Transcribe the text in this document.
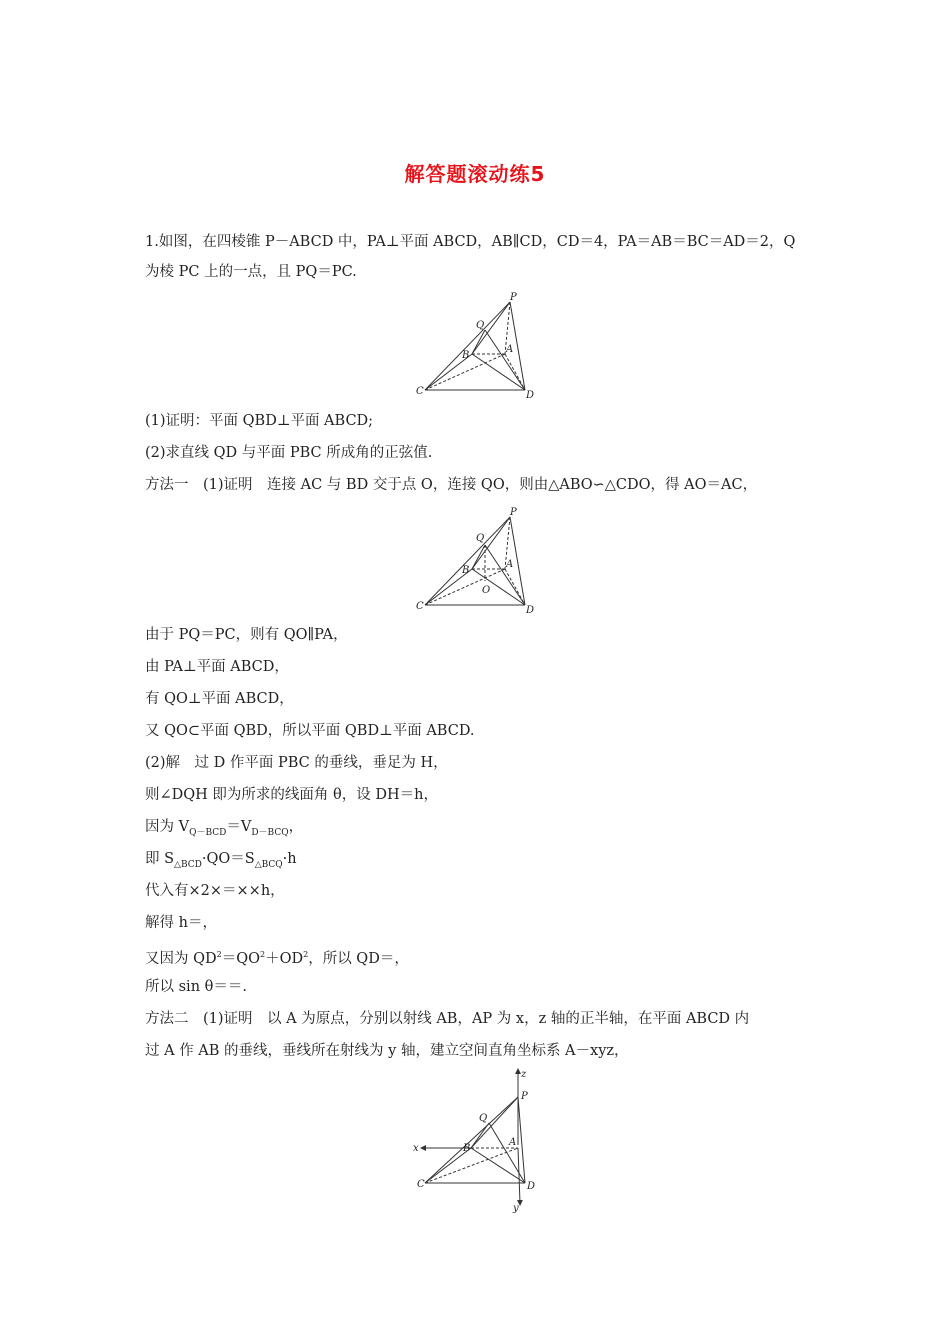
解答题滚动练5
1.如图，在四棱锥 P－ABCD 中，PA⊥平面 ABCD，AB∥CD，CD＝4，PA＝AB＝BC＝AD＝2，Q
为棱 PC 上的一点，且 PQ＝PC.
P
Q
A
B
C	D
(1)证明：平面 QBD⊥平面 ABCD;
(2)求直线 QD 与平面 PBC 所成角的正弦值.
方法一　(1)证明　连接 AC 与 BD 交于点 O，连接 QO，则由△ABO∽△CDO，得 AO＝AC，
P
Q
A
B
O
C	D
由于 PQ＝PC，则有 QO∥PA，
由 PA⊥平面 ABCD，
有 QO⊥平面 ABCD，
又 QO⊂平面 QBD，所以平面 QBD⊥平面 ABCD.
(2)解　过 D 作平面 PBC 的垂线，垂足为 H，
则∠DQH 即为所求的线面角 θ，设 DH＝h，
因为 $V_{Q-BCD}=V_{D-BCQ}$，
即 $S_{\triangle BCD}\cdot QO=S_{\triangle BCQ}\cdot h$
代入有×2×＝××h，
解得 h＝，
又因为 $QD^2=QO^2+OD^2$，所以 QD＝，
所以 sin θ＝＝.
方法二　(1)证明　以 A 为原点，分别以射线 AB，AP 为 x，z 轴的正半轴，在平面 ABCD 内
过 A 作 AB 的垂线，垂线所在射线为 y 轴，建立空间直角坐标系 A－xyz，
z
P
Q
A
B
x
C	D
y
